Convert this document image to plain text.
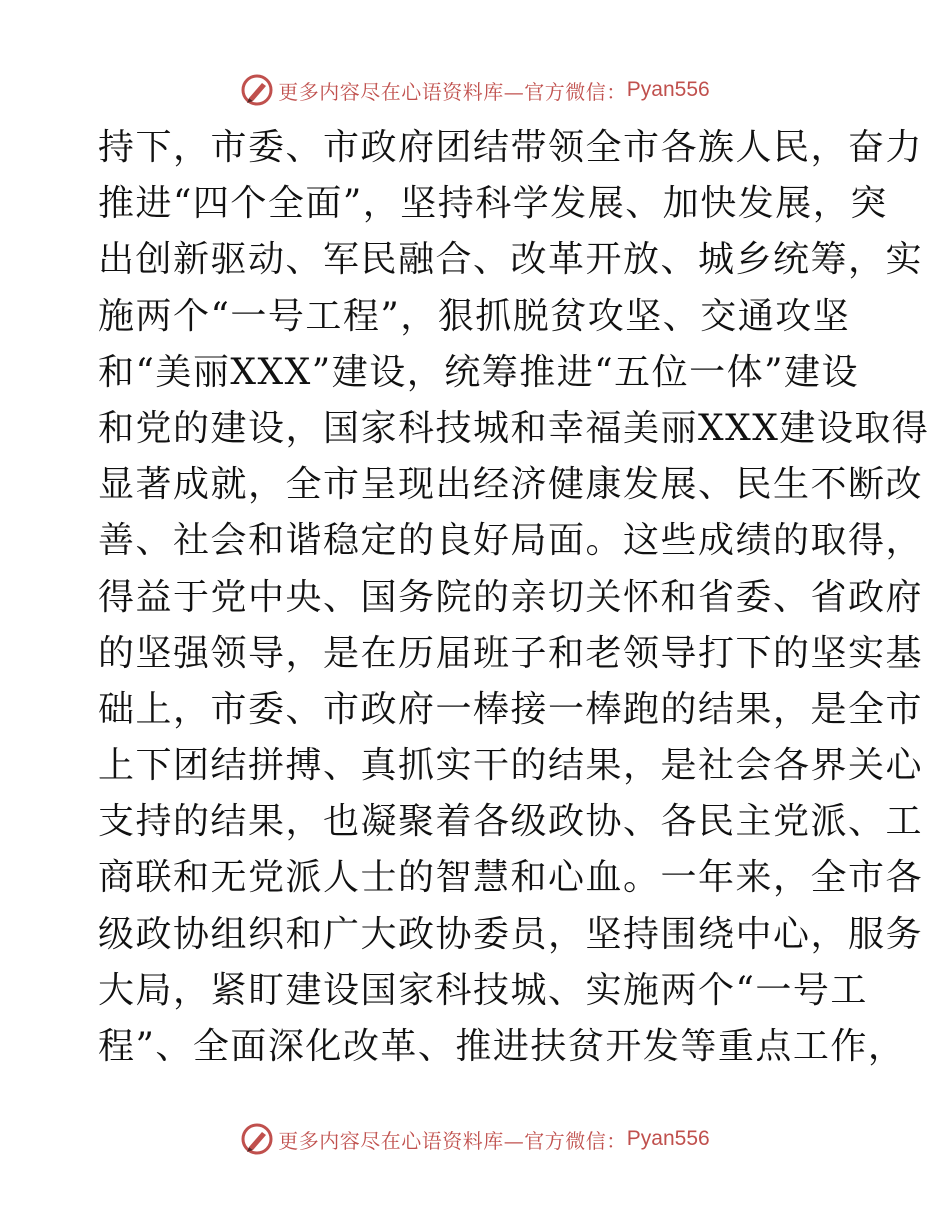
更多内容尽在心语资料库—官方微信： Pyan556
持下，市委、市政府团结带领全市各族人民，奋力
推进“四个全面”，坚持科学发展、加快发展，突
出创新驱动、军民融合、改革开放、城乡统筹，实
施两个“一号工程”，狠抓脱贫攻坚、交通攻坚
和“美丽XXX”建设，统筹推进“五位一体”建设
和党的建设，国家科技城和幸福美丽XXX建设取得
显著成就，全市呈现出经济健康发展、民生不断改
善、社会和谐稳定的良好局面。这些成绩的取得，
得益于党中央、国务院的亲切关怀和省委、省政府
的坚强领导，是在历届班子和老领导打下的坚实基
础上，市委、市政府一棒接一棒跑的结果，是全市
上下团结拼搏、真抓实干的结果，是社会各界关心
支持的结果，也凝聚着各级政协、各民主党派、工
商联和无党派人士的智慧和心血。一年来，全市各
级政协组织和广大政协委员，坚持围绕中心，服务
大局，紧盯建设国家科技城、实施两个“一号工
程”、全面深化改革、推进扶贫开发等重点工作，
更多内容尽在心语资料库—官方微信： Pyan556
